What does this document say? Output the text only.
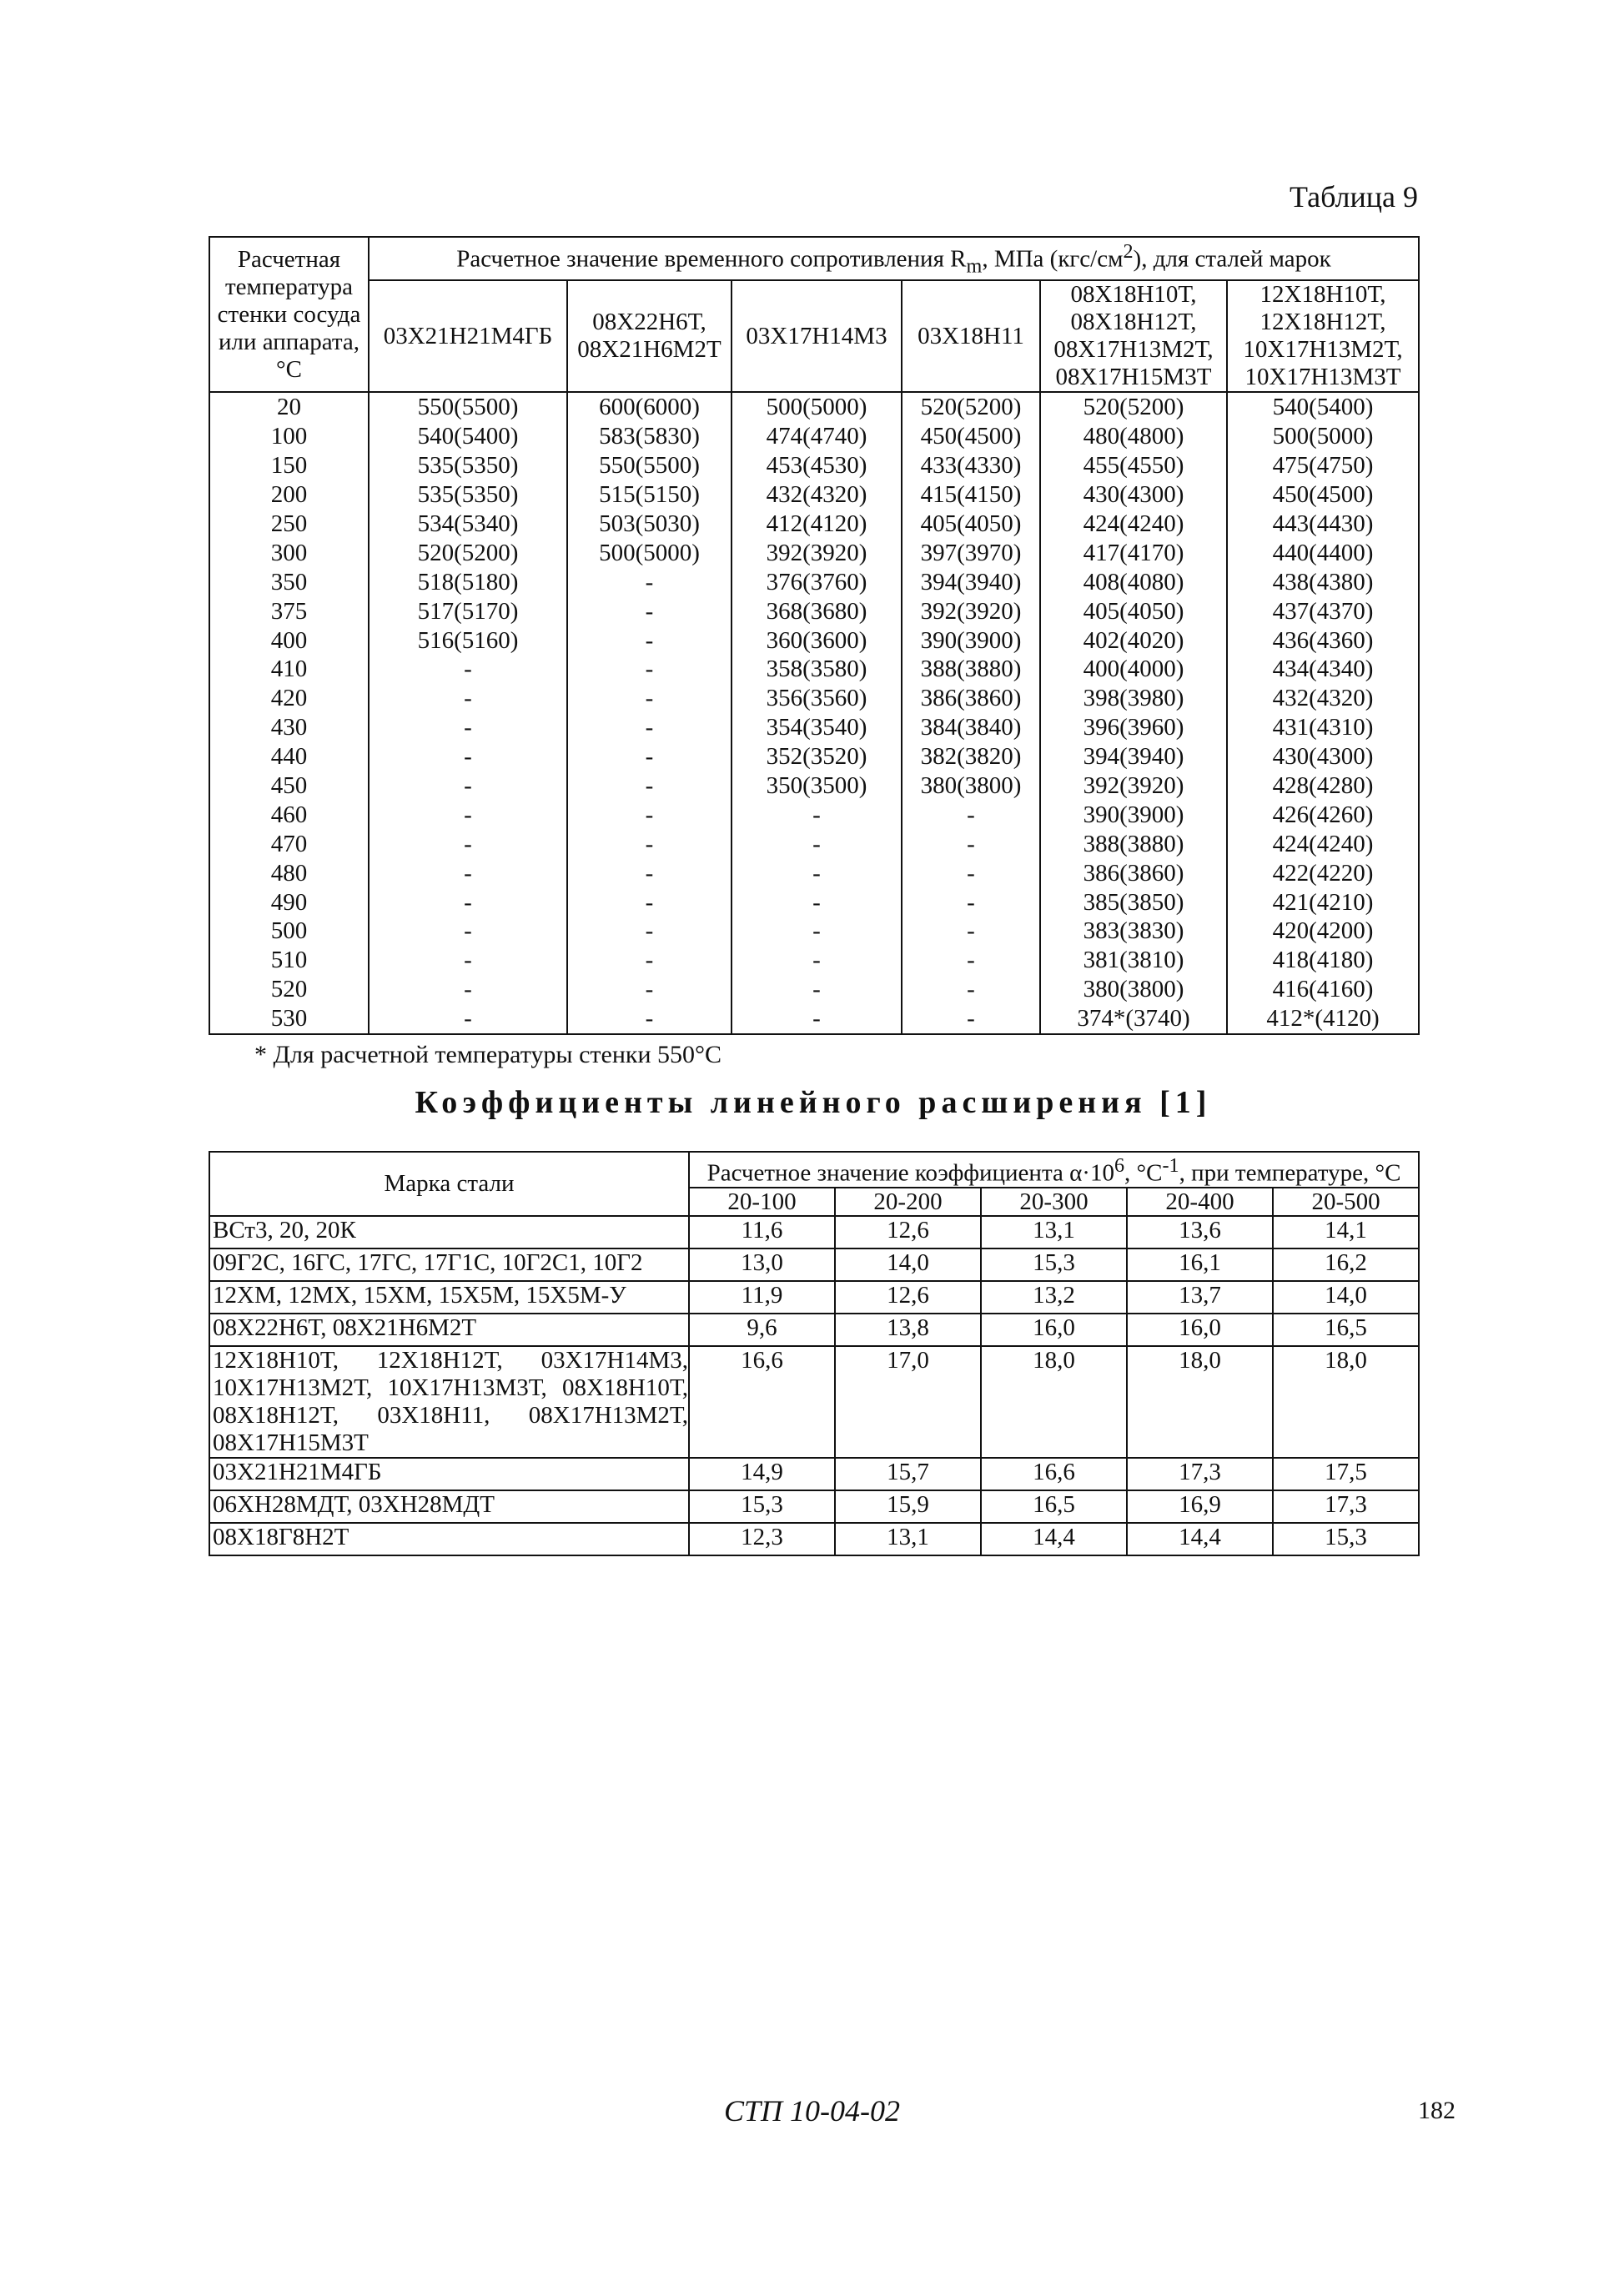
Таблица 9
Расчетная температура стенки сосуда или аппарата, °С	Расчетное значение временного сопротивления $R_m$, МПа $(кгс/см^2)$, для сталей марок					
	03Х21Н21М4ГБ	08Х22Н6Т, 08Х21Н6М2Т	03Х17Н14М3	03Х18Н11	08Х18Н10Т, 08Х18Н12Т, 08Х17Н13М2Т, 08Х17Н15М3Т	12Х18Н10Т, 12Х18Н12Т, 10Х17Н13М2Т, 10Х17Н13М3Т
20	550(5500)	600(6000)	500(5000)	520(5200)	520(5200)	540(5400)
100	540(5400)	583(5830)	474(4740)	450(4500)	480(4800)	500(5000)
150	535(5350)	550(5500)	453(4530)	433(4330)	455(4550)	475(4750)
200	535(5350)	515(5150)	432(4320)	415(4150)	430(4300)	450(4500)
250	534(5340)	503(5030)	412(4120)	405(4050)	424(4240)	443(4430)
300	520(5200)	500(5000)	392(3920)	397(3970)	417(4170)	440(4400)
350	518(5180)	-	376(3760)	394(3940)	408(4080)	438(4380)
375	517(5170)	-	368(3680)	392(3920)	405(4050)	437(4370)
400	516(5160)	-	360(3600)	390(3900)	402(4020)	436(4360)
410	-	-	358(3580)	388(3880)	400(4000)	434(4340)
420	-	-	356(3560)	386(3860)	398(3980)	432(4320)
430	-	-	354(3540)	384(3840)	396(3960)	431(4310)
440	-	-	352(3520)	382(3820)	394(3940)	430(4300)
450	-	-	350(3500)	380(3800)	392(3920)	428(4280)
460	-	-	-	-	390(3900)	426(4260)
470	-	-	-	-	388(3880)	424(4240)
480	-	-	-	-	386(3860)	422(4220)
490	-	-	-	-	385(3850)	421(4210)
500	-	-	-	-	383(3830)	420(4200)
510	-	-	-	-	381(3810)	418(4180)
520	-	-	-	-	380(3800)	416(4160)
530	-	-	-	-	374*(3740)	412*(4120)
* Для расчетной температуры стенки 550°С
Коэффициенты линейного расширения [1]
Марка стали	Расчетное значение коэффициента $\alpha\cdot 10^6$, $^\circ С^{-1}$, при температуре, °С				
	20-100	20-200	20-300	20-400	20-500
ВСт3, 20, 20К	11,6	12,6	13,1	13,6	14,1
09Г2С, 16ГС, 17ГС, 17Г1С, 10Г2С1, 10Г2	13,0	14,0	15,3	16,1	16,2
12ХМ, 12МХ, 15ХМ, 15Х5М, 15Х5М-У	11,9	12,6	13,2	13,7	14,0
08Х22Н6Т, 08Х21Н6М2Т	9,6	13,8	16,0	16,0	16,5
12Х18Н10Т, 12Х18Н12Т, 03Х17Н14М3, 10Х17Н13М2Т, 10Х17Н13М3Т, 08Х18Н10Т, 08Х18Н12Т, 03Х18Н11, 08Х17Н13М2Т, 08Х17Н15М3Т	16,6	17,0	18,0	18,0	18,0
03Х21Н21М4ГБ	14,9	15,7	16,6	17,3	17,5
06ХН28МДТ, 03ХН28МДТ	15,3	15,9	16,5	16,9	17,3
08Х18Г8Н2Т	12,3	13,1	14,4	14,4	15,3
СТП 10-04-02	182
